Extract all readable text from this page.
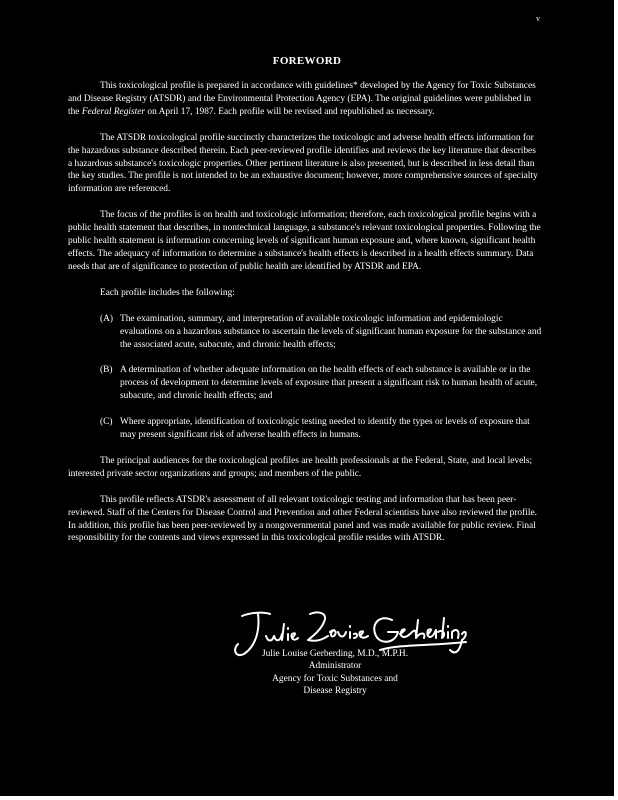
v
FOREWORD

This toxicological profile is prepared in accordance with guidelines* developed by the Agency for Toxic Substances and Disease Registry (ATSDR) and the Environmental Protection Agency (EPA). The original guidelines were published in the Federal Register on April 17, 1987. Each profile will be revised and republished as necessary.

The ATSDR toxicological profile succinctly characterizes the toxicologic and adverse health effects information for the hazardous substance described therein. Each peer-reviewed profile identifies and reviews the key literature that describes a hazardous substance's toxicologic properties. Other pertinent literature is also presented, but is described in less detail than the key studies. The profile is not intended to be an exhaustive document; however, more comprehensive sources of specialty information are referenced.

The focus of the profiles is on health and toxicologic information; therefore, each toxicological profile begins with a public health statement that describes, in nontechnical language, a substance's relevant toxicological properties. Following the public health statement is information concerning levels of significant human exposure and, where known, significant health effects. The adequacy of information to determine a substance's health effects is described in a health effects summary. Data needs that are of significance to protection of public health are identified by ATSDR and EPA.

Each profile includes the following:

(A) The examination, summary, and interpretation of available toxicologic information and epidemiologic evaluations on a hazardous substance to ascertain the levels of significant human exposure for the substance and the associated acute, subacute, and chronic health effects;
(B) A determination of whether adequate information on the health effects of each substance is available or in the process of development to determine levels of exposure that present a significant risk to human health of acute, subacute, and chronic health effects; and
(C) Where appropriate, identification of toxicologic testing needed to identify the types or levels of exposure that may present significant risk of adverse health effects in humans.

The principal audiences for the toxicological profiles are health professionals at the Federal, State, and local levels; interested private sector organizations and groups; and members of the public.

This profile reflects ATSDR's assessment of all relevant toxicologic testing and information that has been peer-reviewed. Staff of the Centers for Disease Control and Prevention and other Federal scientists have also reviewed the profile. In addition, this profile has been peer-reviewed by a nongovernmental panel and was made available for public review. Final responsibility for the contents and views expressed in this toxicological profile resides with ATSDR.

Julie Louise Gerberding, M.D., M.P.H.
Administrator
Agency for Toxic Substances and
Disease Registry
